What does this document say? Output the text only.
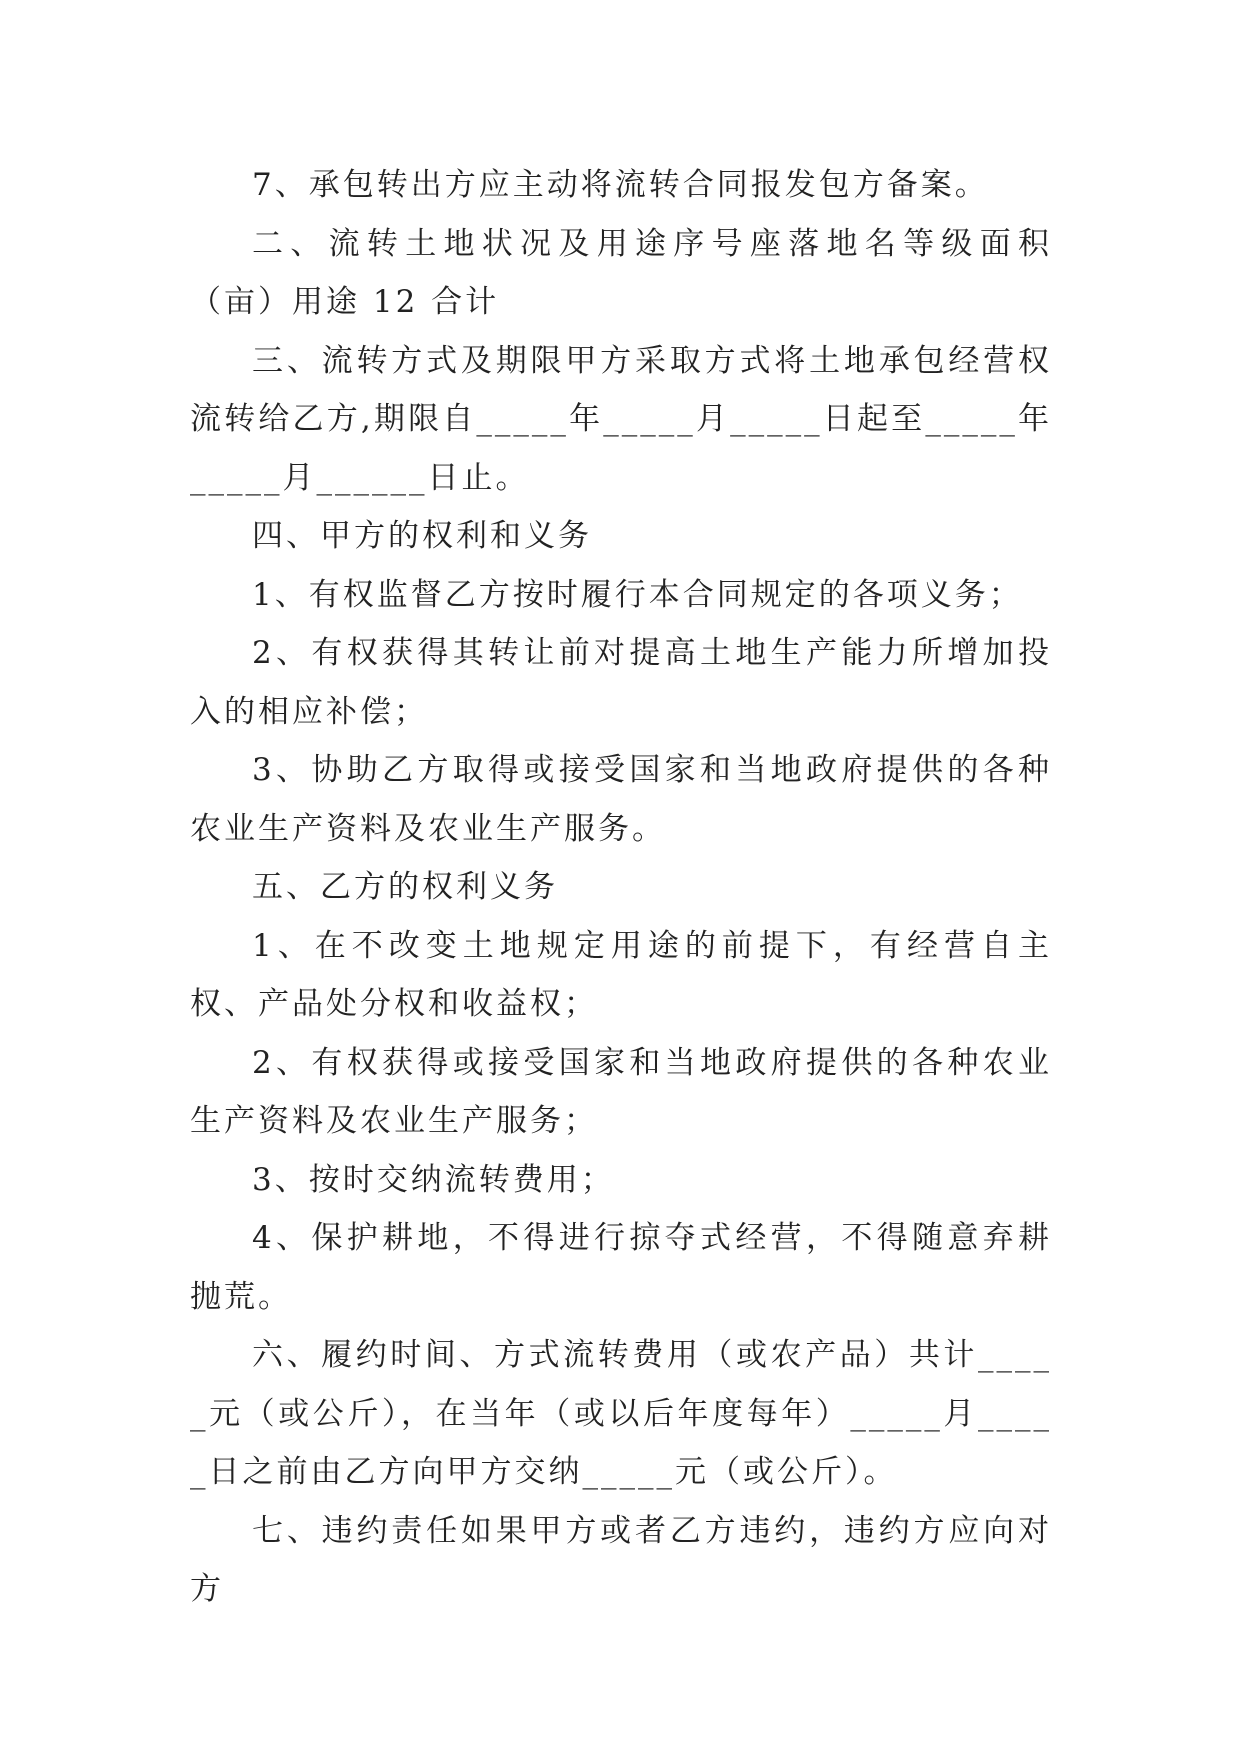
7、承包转出方应主动将流转合同报发包方备案。

二、流转土地状况及用途序号座落地名等级面积（亩）用途 12 合计

三、流转方式及期限甲方采取方式将土地承包经营权流转给乙方,期限自_____年_____月_____日起至_____年_____月______日止。

四、甲方的权利和义务

1、有权监督乙方按时履行本合同规定的各项义务；

2、有权获得其转让前对提高土地生产能力所增加投入的相应补偿；

3、协助乙方取得或接受国家和当地政府提供的各种农业生产资料及农业生产服务。

五、乙方的权利义务

1、在不改变土地规定用途的前提下，有经营自主权、产品处分权和收益权；

2、有权获得或接受国家和当地政府提供的各种农业生产资料及农业生产服务；

3、按时交纳流转费用；

4、保护耕地，不得进行掠夺式经营，不得随意弃耕抛荒。

六、履约时间、方式流转费用（或农产品）共计_____元（或公斤），在当年（或以后年度每年）_____月_____日之前由乙方向甲方交纳_____元（或公斤）。

七、违约责任如果甲方或者乙方违约，违约方应向对方
